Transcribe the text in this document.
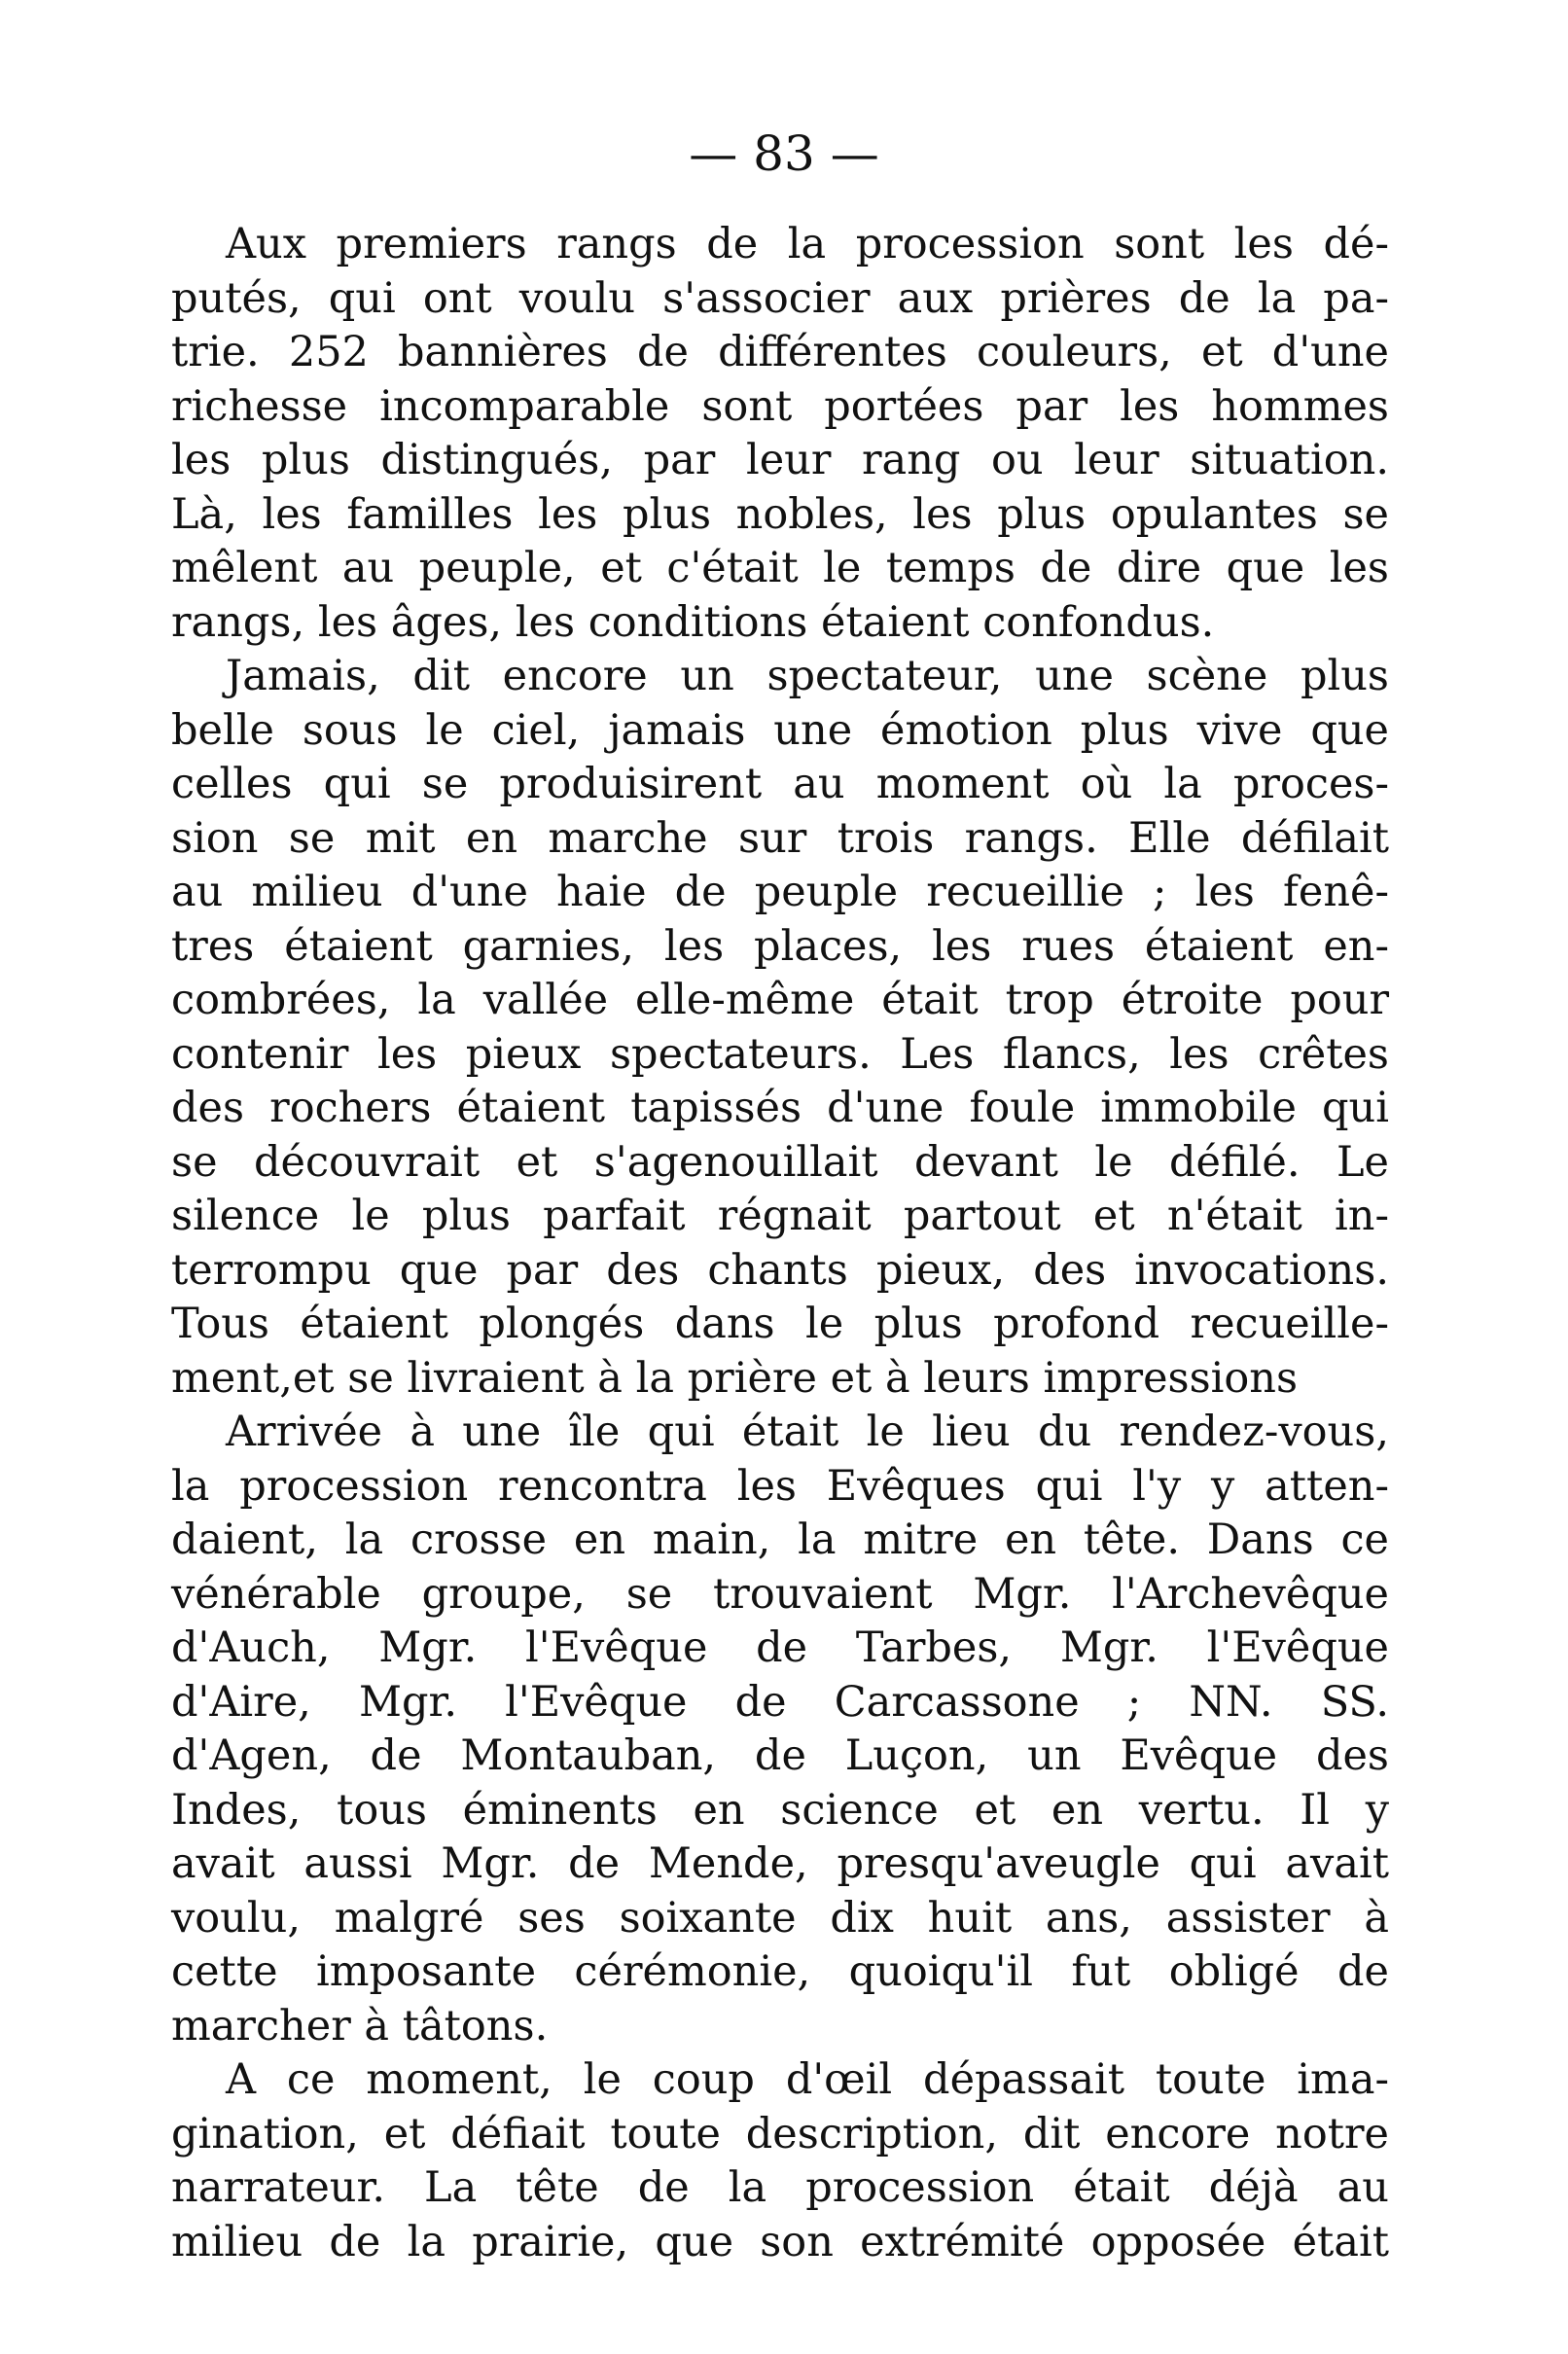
— 83 —
Aux premiers rangs de la procession sont les dé-
putés, qui ont voulu s'associer aux prières de la pa-
trie. 252 bannières de différentes couleurs, et d'une
richesse incomparable sont portées par les hommes
les plus distingués, par leur rang ou leur situation.
Là, les familles les plus nobles, les plus opulantes se
mêlent au peuple, et c'était le temps de dire que les
rangs, les âges, les conditions étaient confondus.
Jamais, dit encore un spectateur, une scène plus
belle sous le ciel, jamais une émotion plus vive que
celles qui se produisirent au moment où la proces-
sion se mit en marche sur trois rangs. Elle défilait
au milieu d'une haie de peuple recueillie ; les fenê-
tres étaient garnies, les places, les rues étaient en-
combrées, la vallée elle-même était trop étroite pour
contenir les pieux spectateurs. Les flancs, les crêtes
des rochers étaient tapissés d'une foule immobile qui
se découvrait et s'agenouillait devant le défilé. Le
silence le plus parfait régnait partout et n'était in-
terrompu que par des chants pieux, des invocations.
Tous étaient plongés dans le plus profond recueille-
ment,et se livraient à la prière et à leurs impressions
Arrivée à une île qui était le lieu du rendez-vous,
la procession rencontra les Evêques qui l'y y atten-
daient, la crosse en main, la mitre en tête. Dans ce
vénérable groupe, se trouvaient Mgr. l'Archevêque
d'Auch, Mgr. l'Evêque de Tarbes, Mgr. l'Evêque
d'Aire, Mgr. l'Evêque de Carcassone ; NN. SS.
d'Agen, de Montauban, de Luçon, un Evêque des
Indes, tous éminents en science et en vertu. Il y
avait aussi Mgr. de Mende, presqu'aveugle qui avait
voulu, malgré ses soixante dix huit ans, assister à
cette imposante cérémonie, quoiqu'il fut obligé de
marcher à tâtons.
A ce moment, le coup d'œil dépassait toute ima-
gination, et défiait toute description, dit encore notre
narrateur. La tête de la procession était déjà au
milieu de la prairie, que son extrémité opposée était
